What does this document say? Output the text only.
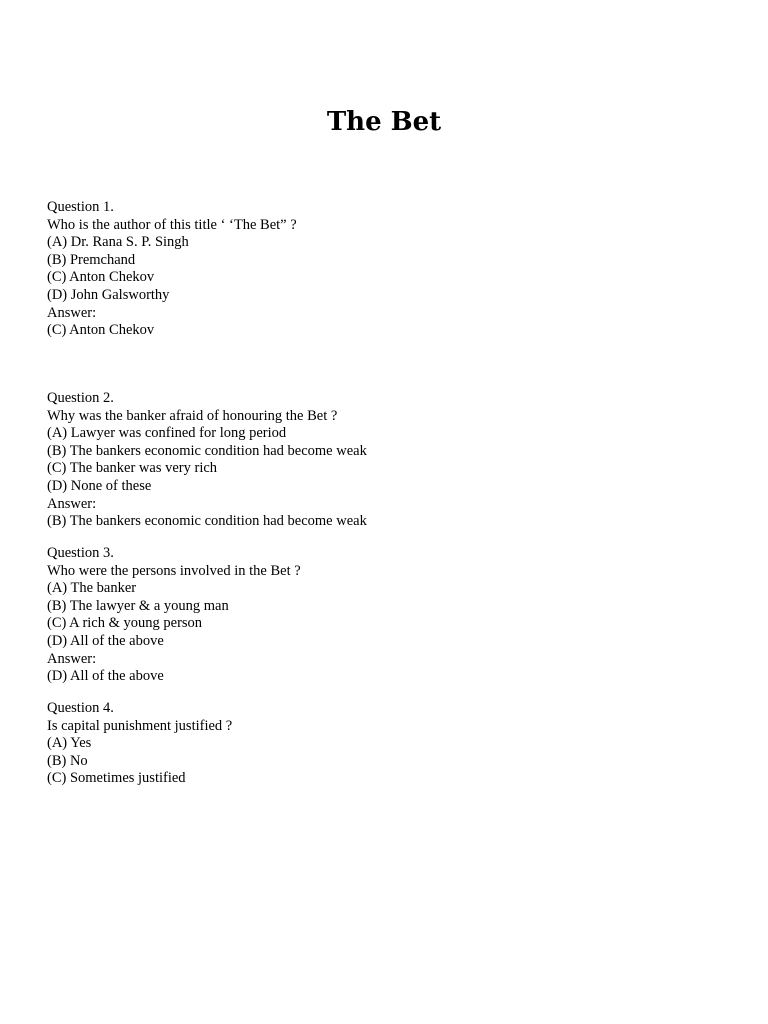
The Bet
Question 1.
Who is the author of this title ‘ ‘The Bet” ?
(A) Dr. Rana S. P. Singh
(B) Premchand
(C) Anton Chekov
(D) John Galsworthy
Answer:
(C) Anton Chekov
Question 2.
Why was the banker afraid of honouring the Bet ?
(A) Lawyer was confined for long period
(B) The bankers economic condition had become weak
(C) The banker was very rich
(D) None of these
Answer:
(B) The bankers economic condition had become weak
Question 3.
Who were the persons involved in the Bet ?
(A) The banker
(B) The lawyer & a young man
(C) A rich & young person
(D) All of the above
Answer:
(D) All of the above
Question 4.
Is capital punishment justified ?
(A) Yes
(B) No
(C) Sometimes justified
